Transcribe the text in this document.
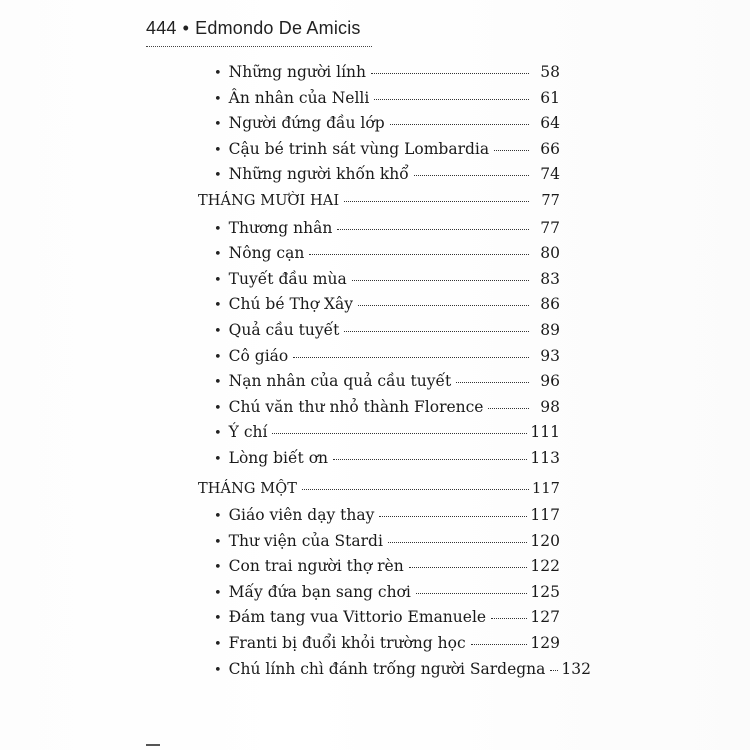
444 • Edmondo De Amicis
• Những người lính	58
• Ân nhân của Nelli	61
• Người đứng đầu lớp	64
• Cậu bé trinh sát vùng Lombardia	66
• Những người khốn khổ	74
THÁNG MƯỜI HAI	77
• Thương nhân	77
• Nông cạn	80
• Tuyết đầu mùa	83
• Chú bé Thợ Xây	86
• Quả cầu tuyết	89
• Cô giáo	93
• Nạn nhân của quả cầu tuyết	96
• Chú văn thư nhỏ thành Florence	98
• Ý chí	111
• Lòng biết ơn	113
THÁNG MỘT	117
• Giáo viên dạy thay	117
• Thư viện của Stardi	120
• Con trai người thợ rèn	122
• Mấy đứa bạn sang chơi	125
• Đám tang vua Vittorio Emanuele	127
• Franti bị đuổi khỏi trường học	129
• Chú lính chì đánh trống người Sardegna 132
